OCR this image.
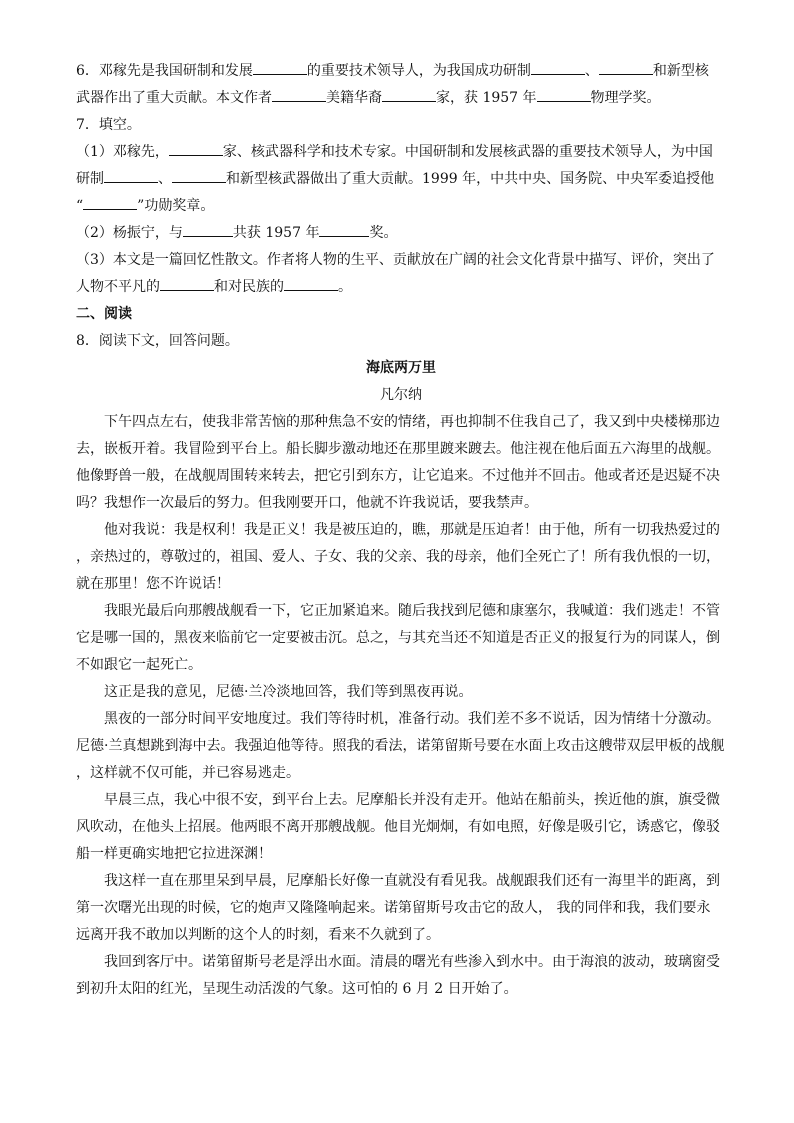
6．邓稼先是我国研制和发展	的重要技术领导人，为我国成功研制	、	和新型核

武器作出了重大贡献。本文作者	美籍华裔	家，获 1957 年	物理学奖。

7．填空。

（1）邓稼先，	家、核武器科学和技术专家。中国研制和发展核武器的重要技术领导人，为中国

研制	、	和新型核武器做出了重大贡献。1999 年，中共中央、国务院、中央军委追授他

“	”功勋奖章。

（2）杨振宁，与	共获 1957 年	奖。

（3）本文是一篇回忆性散文。作者将人物的生平、贡献放在广阔的社会文化背景中描写、评价，突出了

人物不平凡的	和对民族的	。

二、阅读

8．阅读下文，回答问题。

海底两万里

凡尔纳

下午四点左右，使我非常苦恼的那种焦急不安的情绪，再也抑制不住我自己了，我又到中央楼梯那边

去，嵌板开着。我冒险到平台上。船长脚步激动地还在那里踱来踱去。他注视在他后面五六海里的战舰。

他像野兽一般，在战舰周围转来转去，把它引到东方，让它追来。不过他并不回击。他或者还是迟疑不决

吗？我想作一次最后的努力。但我刚要开口，他就不许我说话，要我禁声。

他对我说：我是权利！我是正义！我是被压迫的，瞧，那就是压迫者！由于他，所有一切我热爱过的

，亲热过的，尊敬过的，祖国、爱人、子女、我的父亲、我的母亲，他们全死亡了！所有我仇恨的一切，

就在那里！您不许说话！

我眼光最后向那艘战舰看一下，它正加紧追来。随后我找到尼德和康塞尔，我喊道：我们逃走！不管

它是哪一国的，黑夜来临前它一定要被击沉。总之，与其充当还不知道是否正义的报复行为的同谋人，倒

不如跟它一起死亡。

这正是我的意见，尼德·兰冷淡地回答，我们等到黑夜再说。

黑夜的一部分时间平安地度过。我们等待时机，准备行动。我们差不多不说话，因为情绪十分激动。

尼德·兰真想跳到海中去。我强迫他等待。照我的看法，诺第留斯号要在水面上攻击这艘带双层甲板的战舰

，这样就不仅可能，并已容易逃走。

早晨三点，我心中很不安，到平台上去。尼摩船长并没有走开。他站在船前头，挨近他的旗，旗受微

风吹动，在他头上招展。他两眼不离开那艘战舰。他目光炯炯，有如电照，好像是吸引它，诱惑它，像驳

船一样更确实地把它拉进深渊！

我这样一直在那里呆到早晨，尼摩船长好像一直就没有看见我。战舰跟我们还有一海里半的距离，到

第一次曙光出现的时候，它的炮声又隆隆响起来。诺第留斯号攻击它的敌人， 我的同伴和我，我们要永

远离开我不敢加以判断的这个人的时刻，看来不久就到了。

我回到客厅中。诺第留斯号老是浮出水面。清晨的曙光有些渗入到水中。由于海浪的波动，玻璃窗受

到初升太阳的红光，呈现生动活泼的气象。这可怕的 6 月 2 日开始了。
